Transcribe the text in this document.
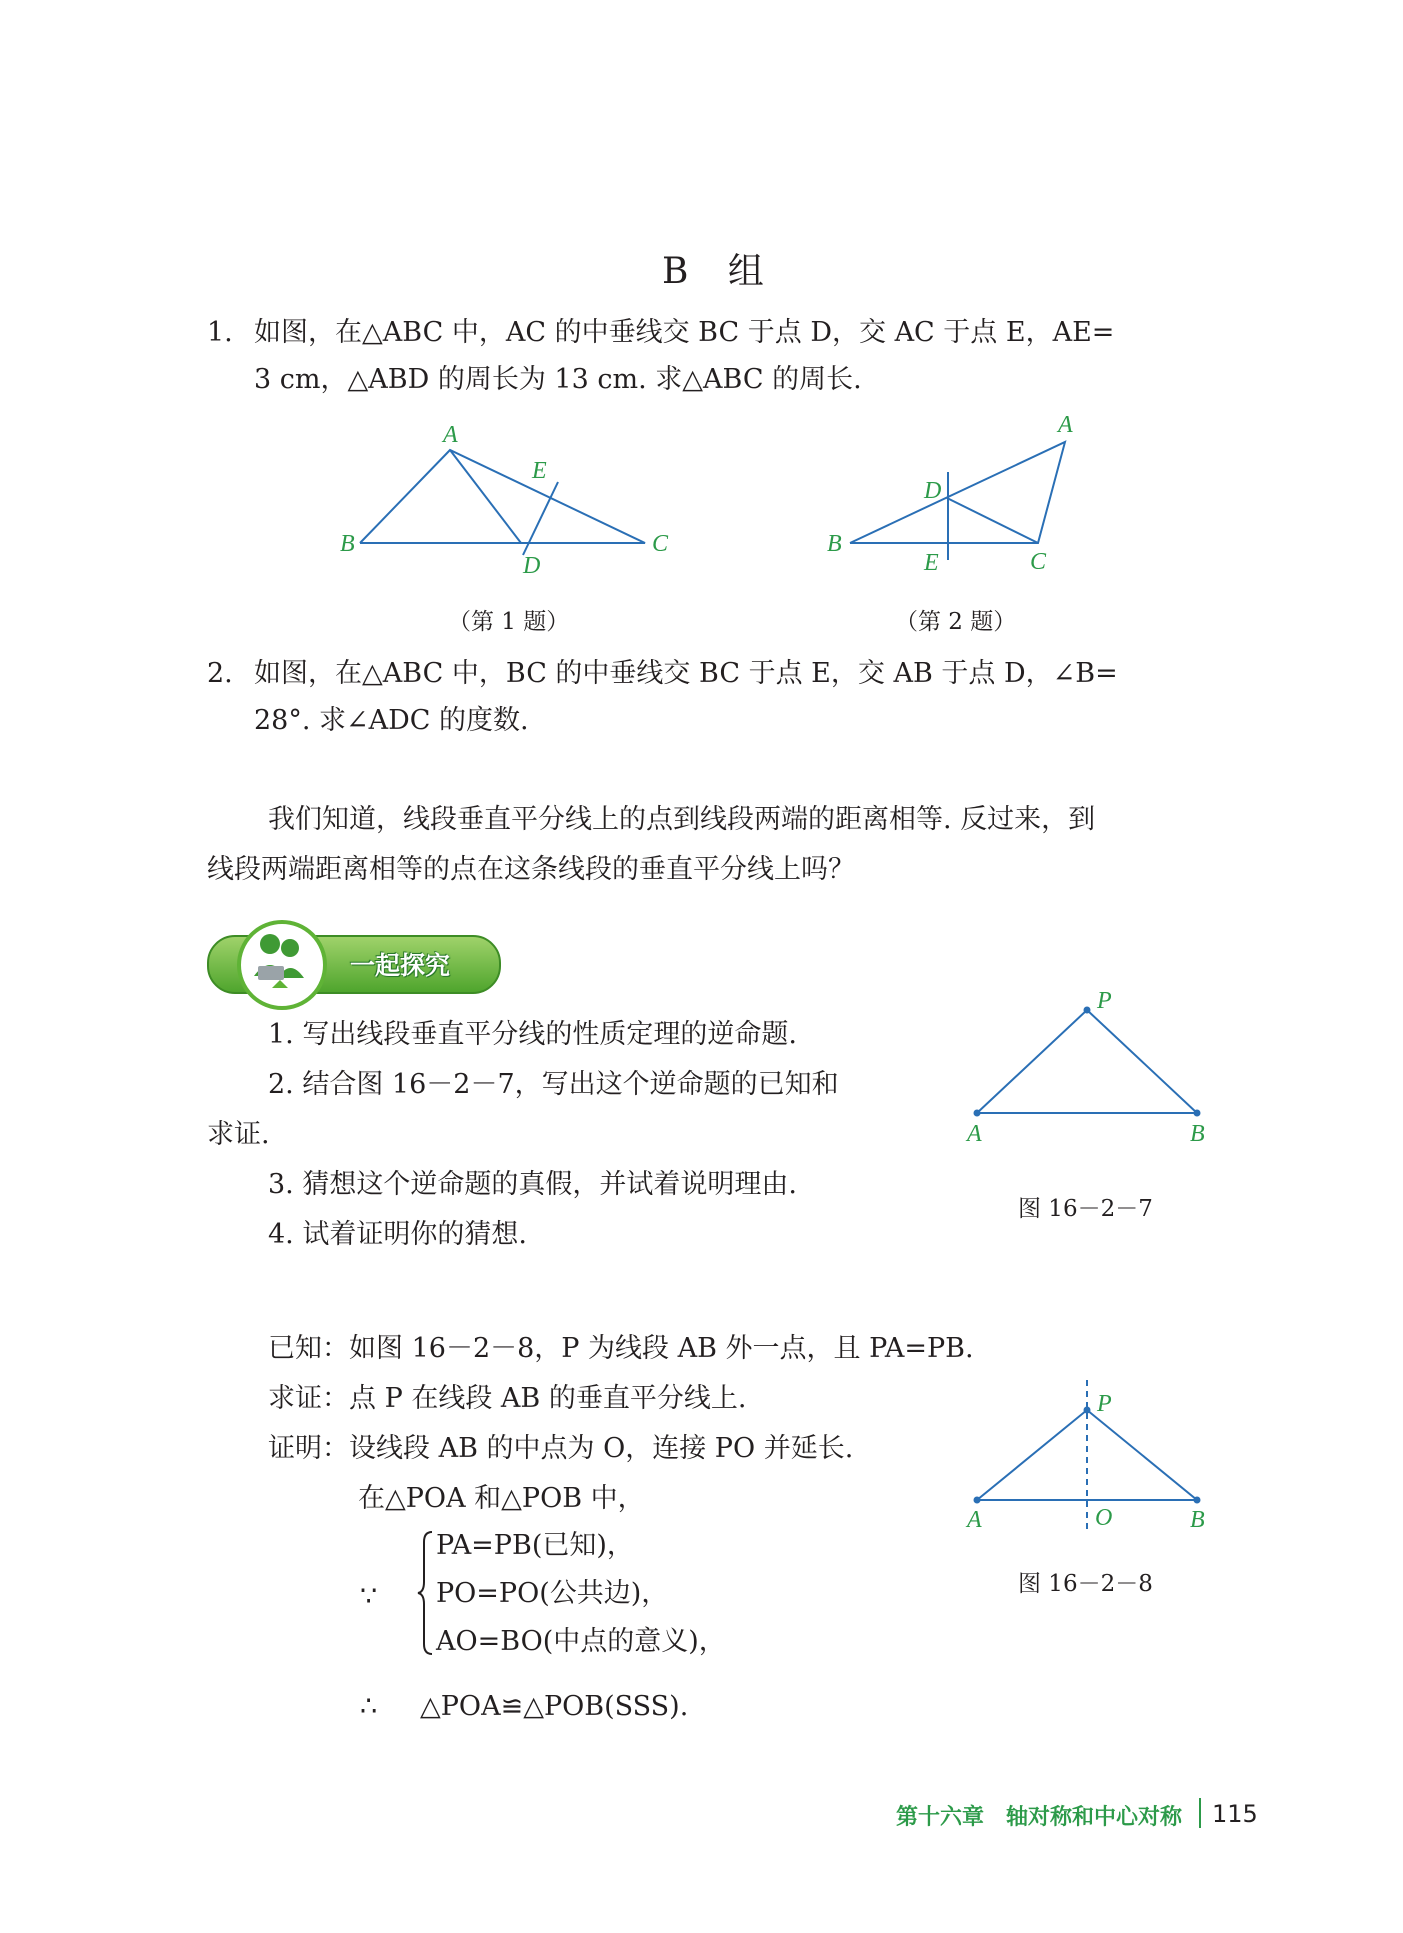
B 组
1. 如图，在△ABC 中，AC 的中垂线交 BC 于点 D，交 AC 于点 E，AE=
3 cm，△ABD 的周长为 13 cm. 求△ABC 的周长.
A
B	C
D
E
（第 1 题）
A
B
C
D
E
（第 2 题）
2. 如图，在△ABC 中，BC 的中垂线交 BC 于点 E，交 AB 于点 D，∠B=
28°. 求∠ADC 的度数.
我们知道，线段垂直平分线上的点到线段两端的距离相等. 反过来，到
线段两端距离相等的点在这条线段的垂直平分线上吗？
一起探究
1. 写出线段垂直平分线的性质定理的逆命题.
2. 结合图 16－2－7，写出这个逆命题的已知和
求证.
3. 猜想这个逆命题的真假，并试着说明理由.
4. 试着证明你的猜想.
P
A	B
图 16－2－7
已知：如图 16－2－8，P 为线段 AB 外一点，且 PA=PB.
求证：点 P 在线段 AB 的垂直平分线上.
证明：设线段 AB 的中点为 O，连接 PO 并延长.
在△POA 和△POB 中，
∵
PA=PB(已知)，
PO=PO(公共边)，
AO=BO(中点的意义)，
∴ △POA≌△POB(SSS).
P
A	B
O
图 16－2－8
第十六章　轴对称和中心对称 115
